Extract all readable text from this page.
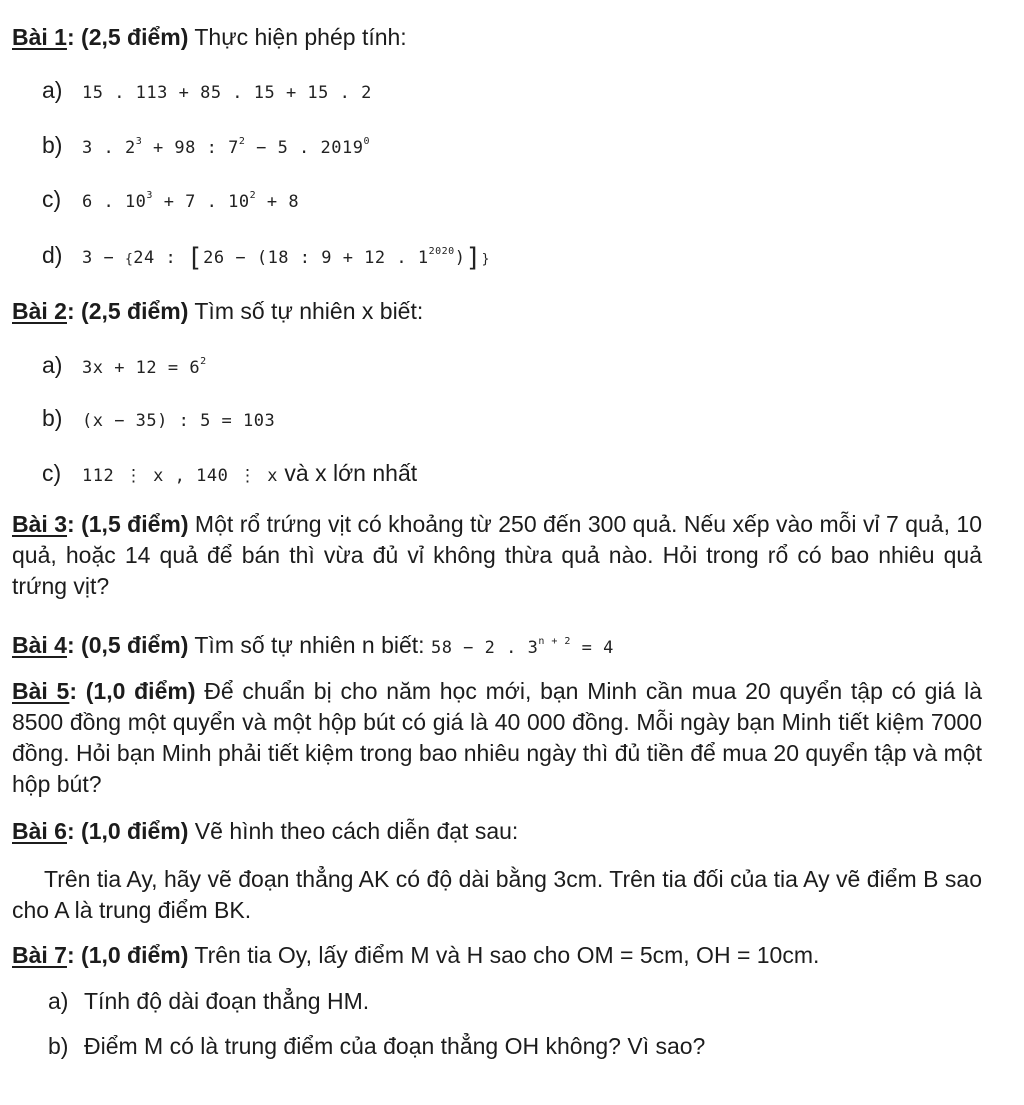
Bài 1: (2,5 điểm) Thực hiện phép tính:
a) 15 . 113 + 85 . 15 + 15 . 2
b) 3 . $2^3 + 98$ : $7^2 - 5$ . 2019$^0$
c) 6 . $10^3 + 7$ . $10^2 + 8$
d) 3 − {24 : [26 − (18 : 9 + 12 . $1^{2020}$)]}
Bài 2: (2,5 điểm) Tìm số tự nhiên x biết:
a) $3x + 12 = 6^2$
b) (x − 35) : 5 = 103
c) 112 ⋮ x , 140 ⋮ x và x lớn nhất
Bài 3: (1,5 điểm) Một rổ trứng vịt có khoảng từ 250 đến 300 quả. Nếu xếp vào mỗi vỉ 7 quả, 10 quả, hoặc 14 quả để bán thì vừa đủ vỉ không thừa quả nào. Hỏi trong rổ có bao nhiêu quả trứng vịt?
Bài 4: (0,5 điểm) Tìm số tự nhiên n biết: 58 − 2 . $3^{n + 2} = 4$
Bài 5: (1,0 điểm) Để chuẩn bị cho năm học mới, bạn Minh cần mua 20 quyển tập có giá là 8500 đồng một quyển và một hộp bút có giá là 40 000 đồng. Mỗi ngày bạn Minh tiết kiệm 7000 đồng. Hỏi bạn Minh phải tiết kiệm trong bao nhiêu ngày thì đủ tiền để mua 20 quyển tập và một hộp bút?
Bài 6: (1,0 điểm) Vẽ hình theo cách diễn đạt sau:
Trên tia Ay, hãy vẽ đoạn thẳng AK có độ dài bằng 3cm. Trên tia đối của tia Ay vẽ điểm B sao cho A là trung điểm BK.
Bài 7: (1,0 điểm) Trên tia Oy, lấy điểm M và H sao cho OM = 5cm, OH = 10cm.
a) Tính độ dài đoạn thẳng HM.
b) Điểm M có là trung điểm của đoạn thẳng OH không? Vì sao?
